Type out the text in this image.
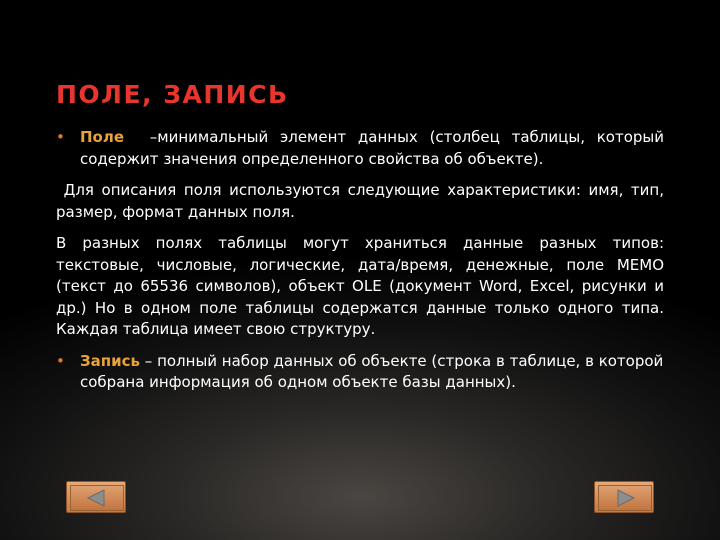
ПОЛЕ, ЗАПИСЬ
• Поле –минимальный элемент данных (столбец таблицы, который содержит значения определенного свойства об объекте).
Для описания поля используются следующие характеристики: имя, тип, размер, формат данных поля.
В разных полях таблицы могут храниться данные разных типов: текстовые, числовые, логические, дата/время, денежные, поле MEMO (текст до 65536 символов), объект OLE (документ Word, Excel, рисунки и др.) Но в одном поле таблицы содержатся данные только одного типа. Каждая таблица имеет свою структуру.
• Запись – полный набор данных об объекте (строка в таблице, в которой собрана информация об одном объекте базы данных).
